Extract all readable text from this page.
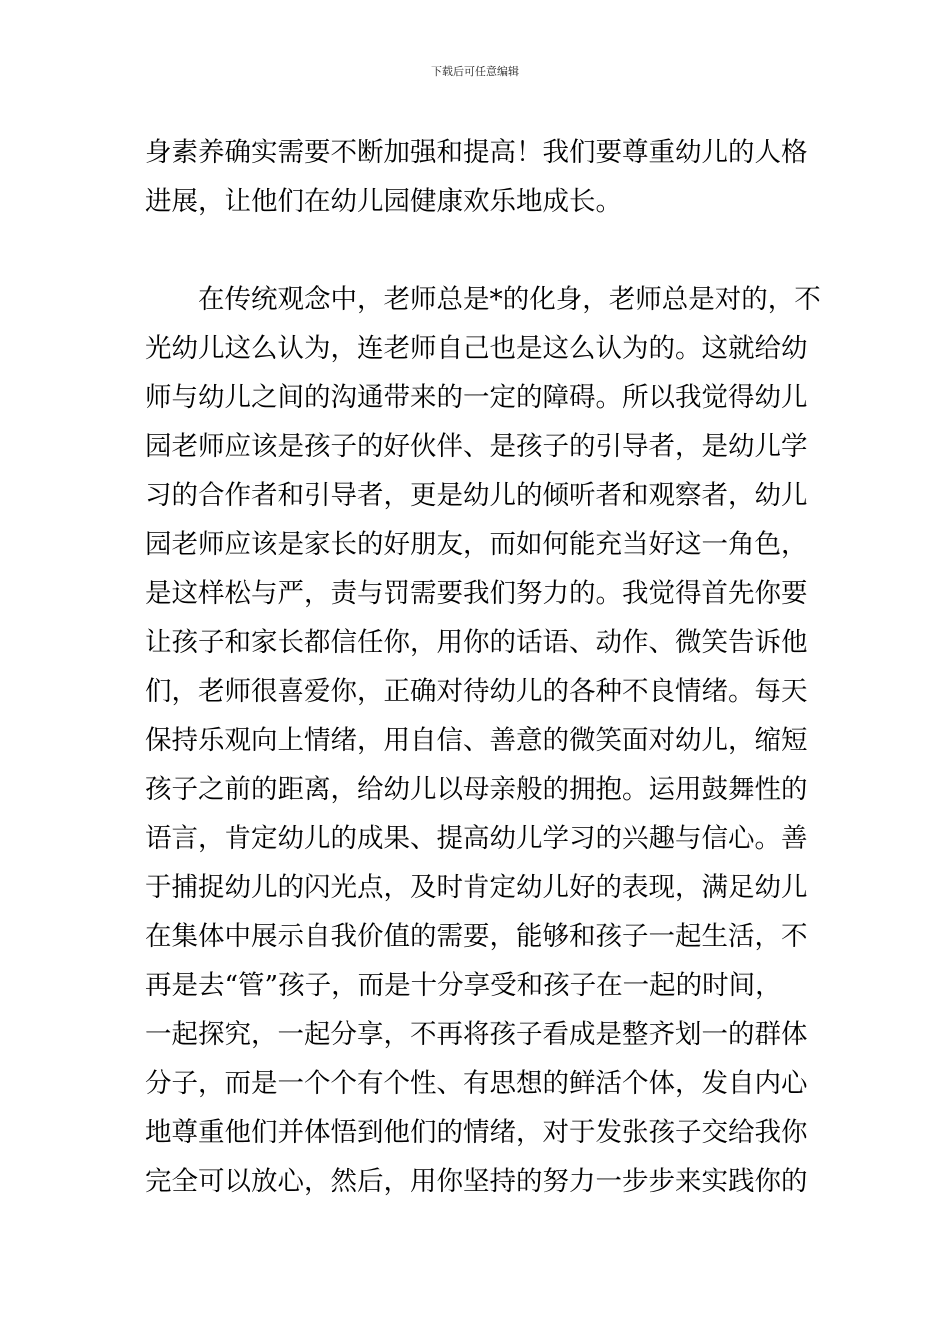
下载后可任意编辑
身素养确实需要不断加强和提高！我们要尊重幼儿的人格
进展，让他们在幼儿园健康欢乐地成长。
在传统观念中，老师总是*的化身，老师总是对的，不
光幼儿这么认为，连老师自己也是这么认为的。这就给幼
师与幼儿之间的沟通带来的一定的障碍。所以我觉得幼儿
园老师应该是孩子的好伙伴、是孩子的引导者，是幼儿学
习的合作者和引导者，更是幼儿的倾听者和观察者，幼儿
园老师应该是家长的好朋友，而如何能充当好这一角色，
是这样松与严，责与罚需要我们努力的。我觉得首先你要
让孩子和家长都信任你，用你的话语、动作、微笑告诉他
们，老师很喜爱你，正确对待幼儿的各种不良情绪。每天
保持乐观向上情绪，用自信、善意的微笑面对幼儿，缩短
孩子之前的距离，给幼儿以母亲般的拥抱。运用鼓舞性的
语言，肯定幼儿的成果、提高幼儿学习的兴趣与信心。善
于捕捉幼儿的闪光点，及时肯定幼儿好的表现，满足幼儿
在集体中展示自我价值的需要，能够和孩子一起生活，不
再是去“管”孩子，而是十分享受和孩子在一起的时间，
一起探究，一起分享，不再将孩子看成是整齐划一的群体
分子，而是一个个有个性、有思想的鲜活个体，发自内心
地尊重他们并体悟到他们的情绪，对于发张孩子交给我你
完全可以放心，然后，用你坚持的努力一步步来实践你的
